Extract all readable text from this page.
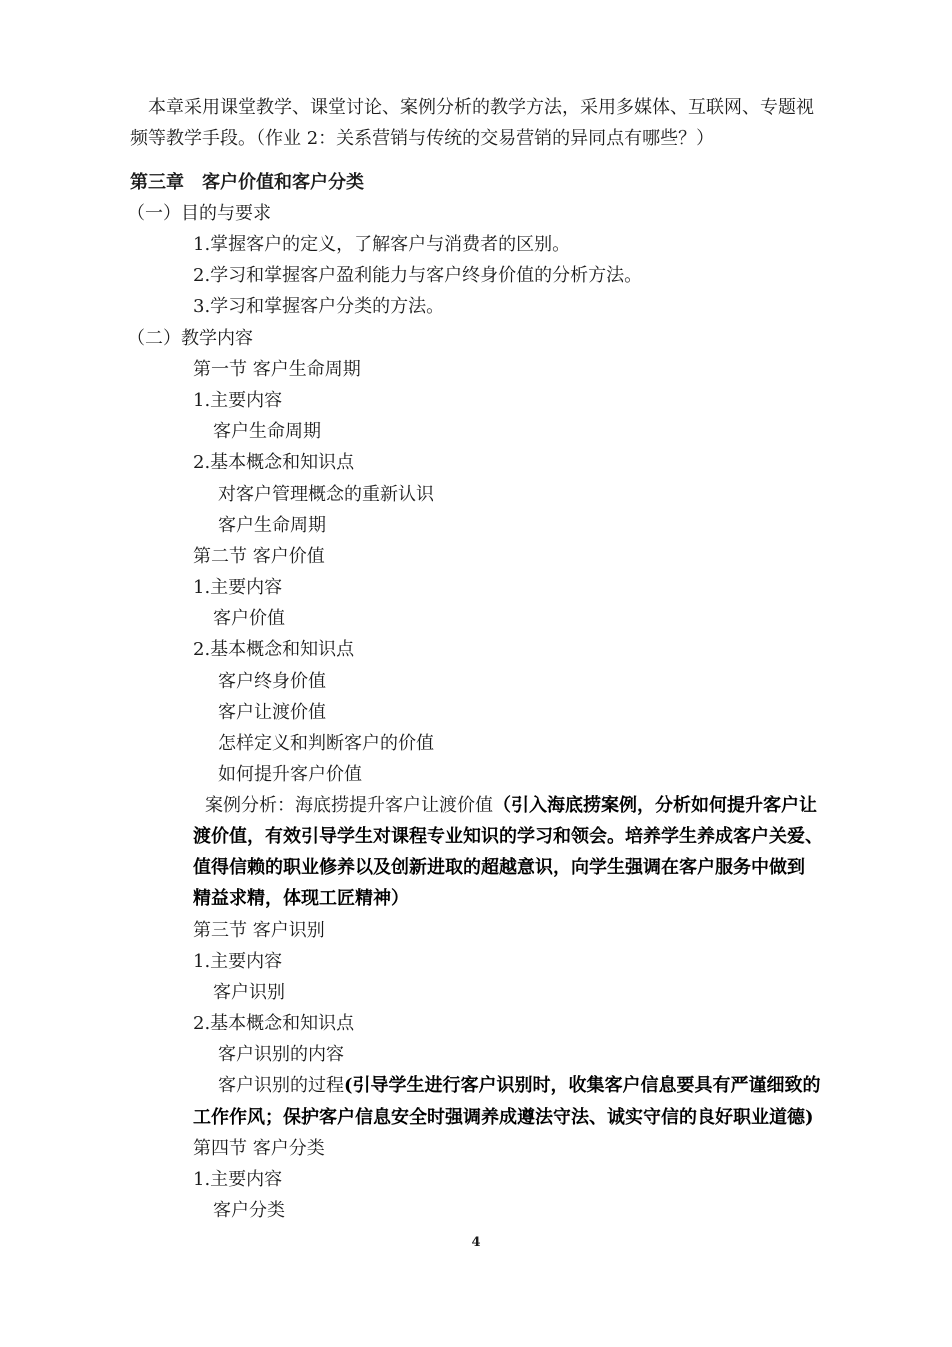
本章采用课堂教学、课堂讨论、案例分析的教学方法，采用多媒体、互联网、专题视
频等教学手段。（作业 2：关系营销与传统的交易营销的异同点有哪些？）
第三章　客户价值和客户分类
（一）目的与要求
1.掌握客户的定义，了解客户与消费者的区别。
2.学习和掌握客户盈利能力与客户终身价值的分析方法。
3.学习和掌握客户分类的方法。
（二）教学内容
第一节 客户生命周期
1.主要内容
客户生命周期
2.基本概念和知识点
对客户管理概念的重新认识
客户生命周期
第二节 客户价值
1.主要内容
客户价值
2.基本概念和知识点
客户终身价值
客户让渡价值
怎样定义和判断客户的价值
如何提升客户价值
案例分析：海底捞提升客户让渡价值（引入海底捞案例，分析如何提升客户让
渡价值，有效引导学生对课程专业知识的学习和领会。培养学生养成客户关爱、
值得信赖的职业修养以及创新进取的超越意识，向学生强调在客户服务中做到
精益求精，体现工匠精神）
第三节 客户识别
1.主要内容
客户识别
2.基本概念和知识点
客户识别的内容
客户识别的过程(引导学生进行客户识别时，收集客户信息要具有严谨细致的
工作作风；保护客户信息安全时强调养成遵法守法、诚实守信的良好职业道德)
第四节 客户分类
1.主要内容
客户分类
4
